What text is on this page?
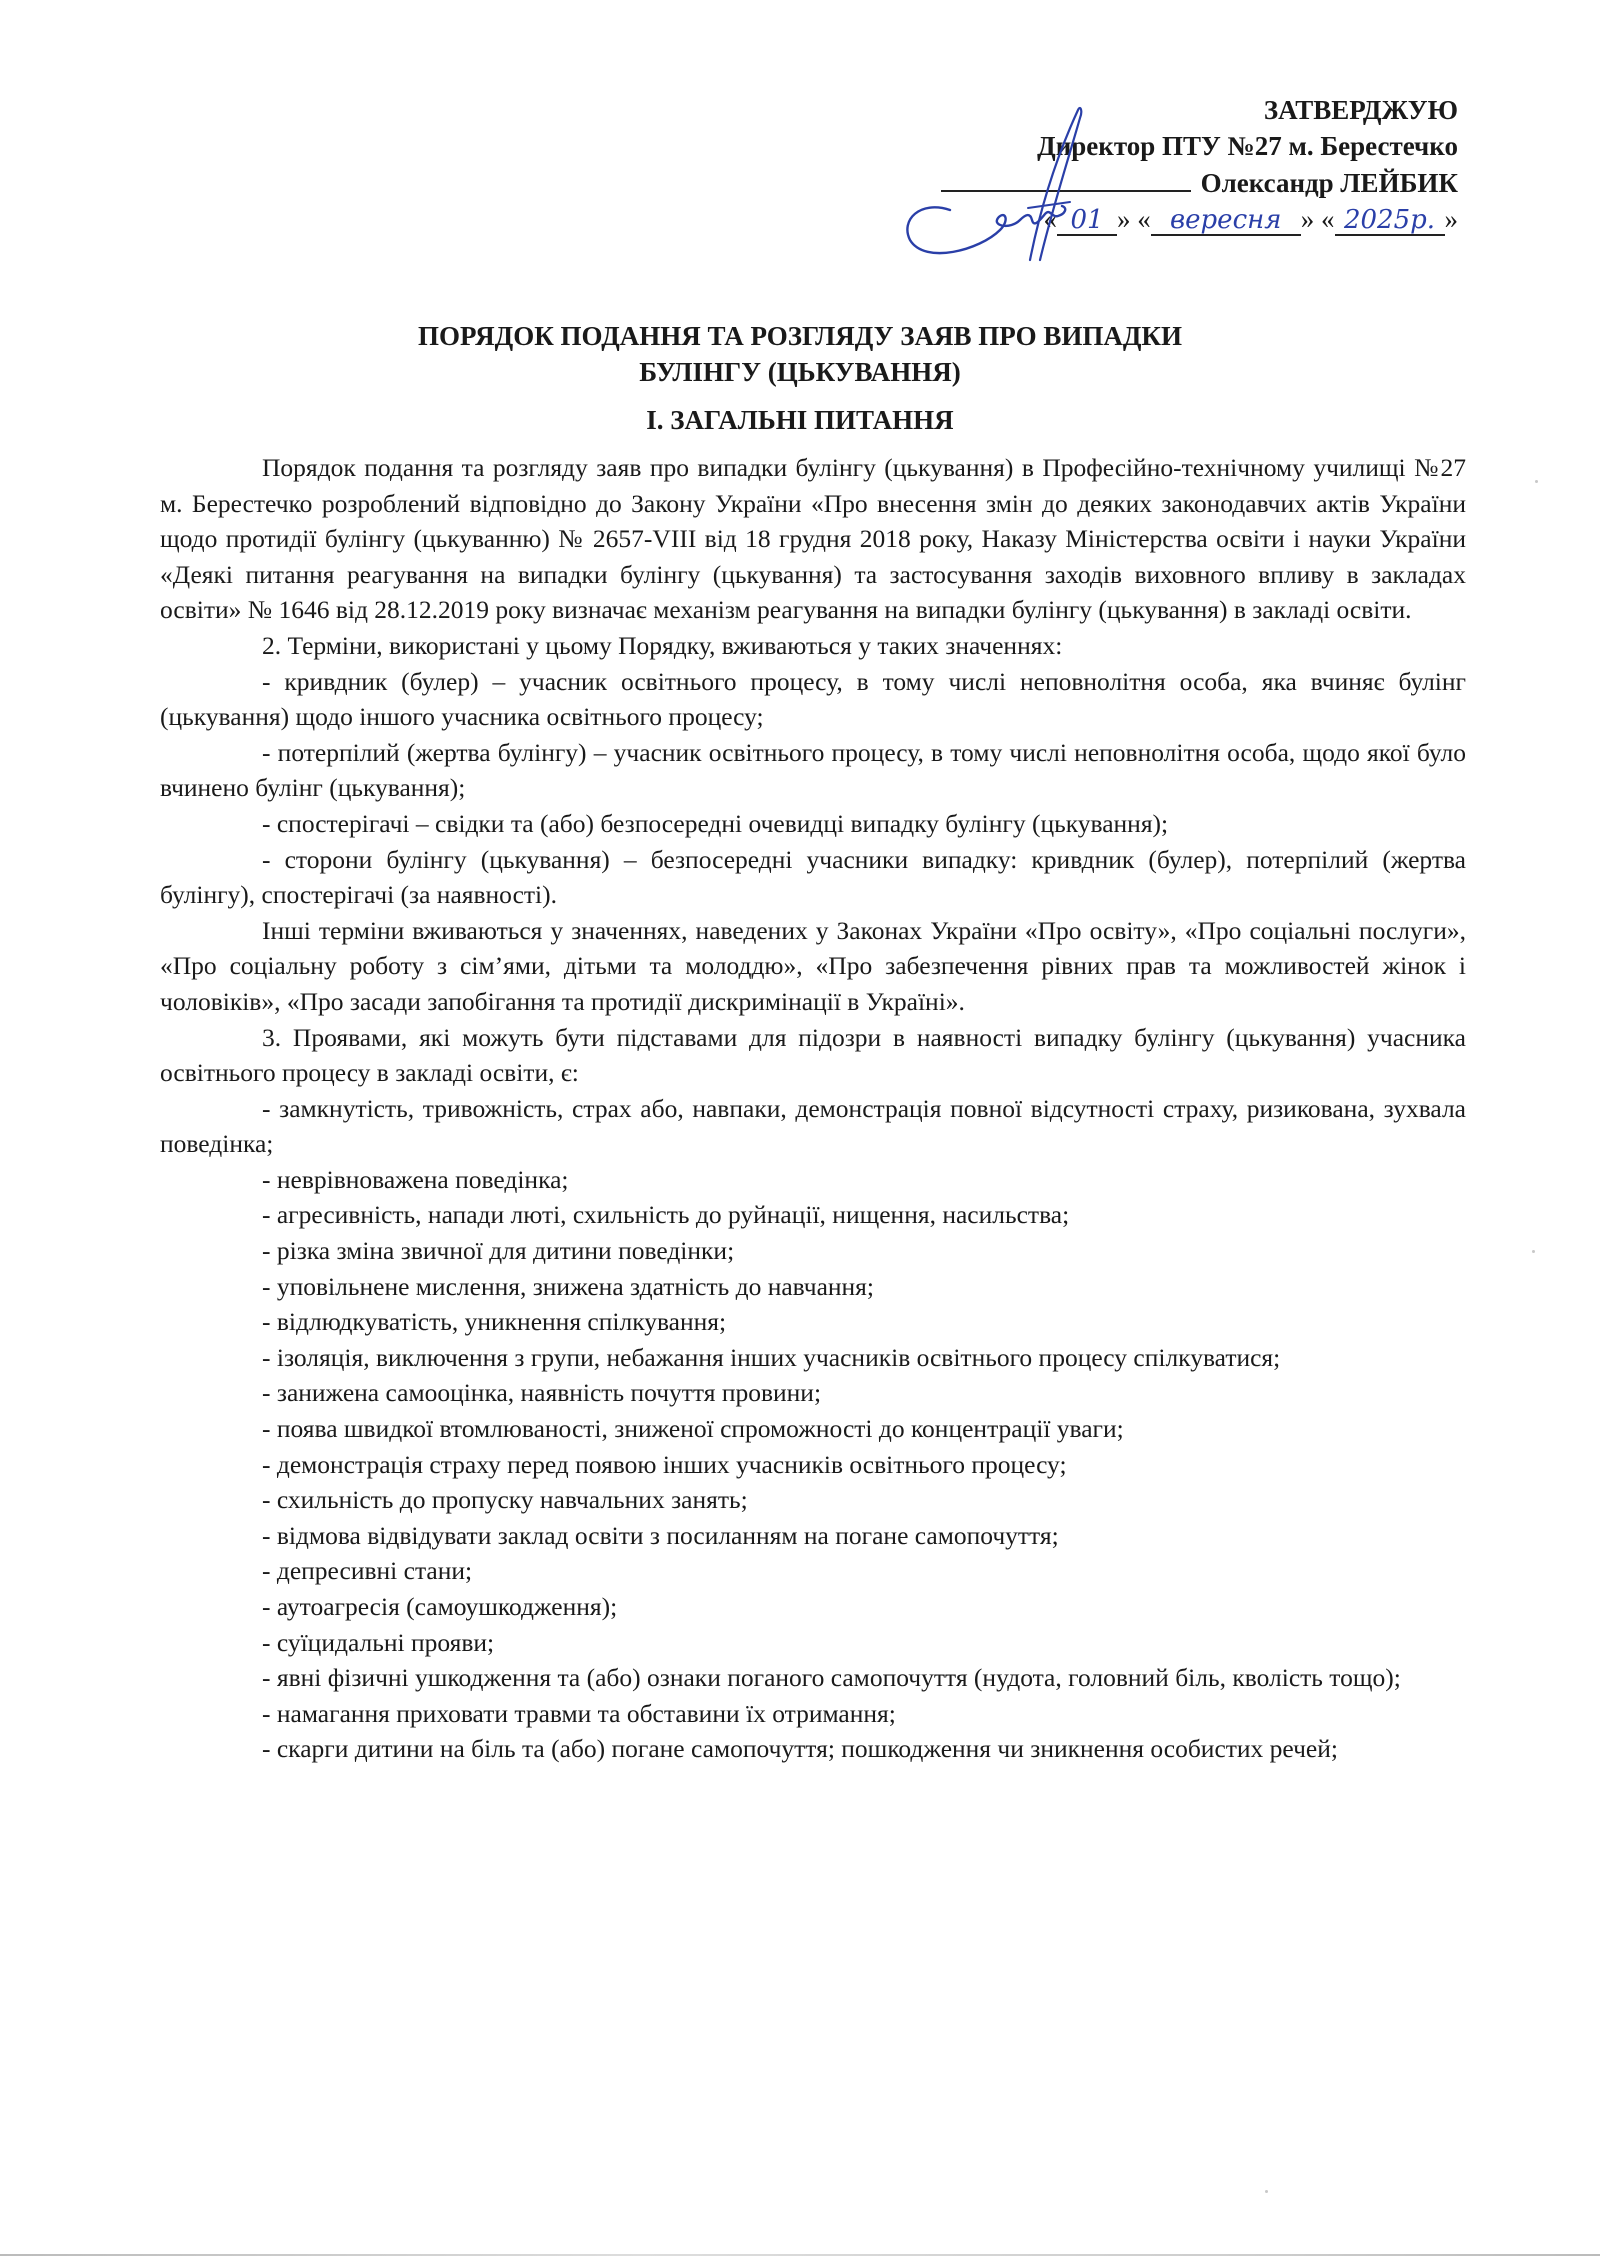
ЗАТВЕРДЖУЮ
Директор ПТУ №27 м. Берестечко
Олександр ЛЕЙБИК
« 01 » « вересня » « 2025р. »
ПОРЯДОК ПОДАННЯ ТА РОЗГЛЯДУ ЗАЯВ ПРО ВИПАДКИ
БУЛІНГУ (ЦЬКУВАННЯ)
I. ЗАГАЛЬНІ ПИТАННЯ

Порядок подання та розгляду заяв про випадки булінгу (цькування) в Професійно-технічному училищі №27 м. Берестечко розроблений відповідно до Закону України «Про внесення змін до деяких законодавчих актів України щодо протидії булінгу (цькуванню) № 2657-VIII від 18 грудня 2018 року, Наказу Міністерства освіти і науки України «Деякі питання реагування на випадки булінгу (цькування) та застосування заходів виховного впливу в закладах освіти» № 1646 від 28.12.2019 року визначає механізм реагування на випадки булінгу (цькування) в закладі освіти.

2. Терміни, використані у цьому Порядку, вживаються у таких значеннях:

- кривдник (булер) – учасник освітнього процесу, в тому числі неповнолітня особа, яка вчиняє булінг (цькування) щодо іншого учасника освітнього процесу;

- потерпілий (жертва булінгу) – учасник освітнього процесу, в тому числі неповнолітня особа, щодо якої було вчинено булінг (цькування);

- спостерігачі – свідки та (або) безпосередні очевидці випадку булінгу (цькування);

- сторони булінгу (цькування) – безпосередні учасники випадку: кривдник (булер), потерпілий (жертва булінгу), спостерігачі (за наявності).

Інші терміни вживаються у значеннях, наведених у Законах України «Про освіту», «Про соціальні послуги», «Про соціальну роботу з сім’ями, дітьми та молоддю», «Про забезпечення рівних прав та можливостей жінок і чоловіків», «Про засади запобігання та протидії дискримінації в Україні».

3. Проявами, які можуть бути підставами для підозри в наявності випадку булінгу (цькування) учасника освітнього процесу в закладі освіти, є:

- замкнутість, тривожність, страх або, навпаки, демонстрація повної відсутності страху, ризикована, зухвала поведінка;

- неврівноважена поведінка;

- агресивність, напади люті, схильність до руйнації, нищення, насильства;

- різка зміна звичної для дитини поведінки;

- уповільнене мислення, знижена здатність до навчання;

- відлюдкуватість, уникнення спілкування;

- ізоляція, виключення з групи, небажання інших учасників освітнього процесу спілкуватися;

- занижена самооцінка, наявність почуття провини;

- поява швидкої втомлюваності, зниженої спроможності до концентрації уваги;

- демонстрація страху перед появою інших учасників освітнього процесу;

- схильність до пропуску навчальних занять;

- відмова відвідувати заклад освіти з посиланням на погане самопочуття;

- депресивні стани;

- аутоагресія (самоушкодження);

- суїцидальні прояви;

- явні фізичні ушкодження та (або) ознаки поганого самопочуття (нудота, головний біль, кволість тощо);

- намагання приховати травми та обставини їх отримання;

- скарги дитини на біль та (або) погане самопочуття; пошкодження чи зникнення особистих речей;
